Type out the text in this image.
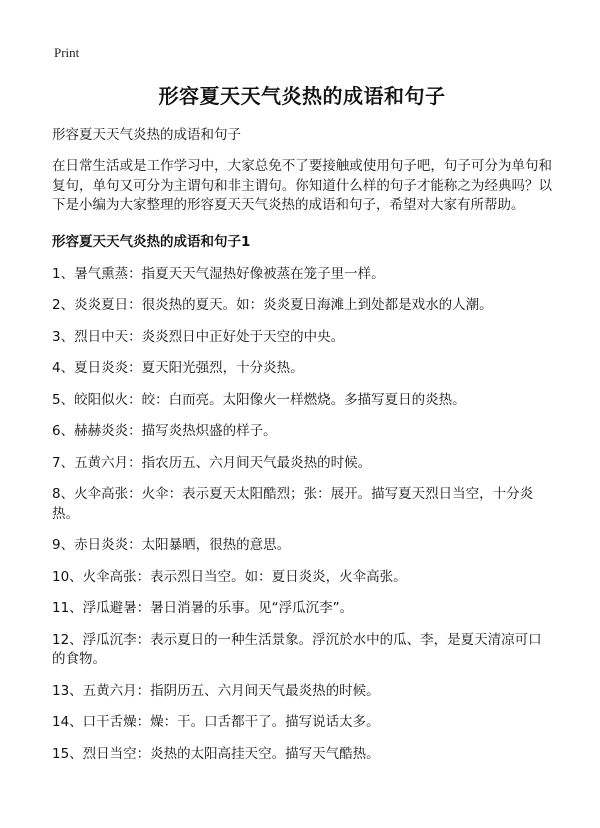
Print
形容夏天天气炎热的成语和句子

形容夏天天气炎热的成语和句子

在日常生活或是工作学习中，大家总免不了要接触或使用句子吧，句子可分为单句和复句，单句又可分为主谓句和非主谓句。你知道什么样的句子才能称之为经典吗？以下是小编为大家整理的形容夏天天气炎热的成语和句子，希望对大家有所帮助。

形容夏天天气炎热的成语和句子1
1、暑气熏蒸：指夏天天气湿热好像被蒸在笼子里一样。
2、炎炎夏日：很炎热的夏天。如：炎炎夏日海滩上到处都是戏水的人潮。
3、烈日中天：炎炎烈日中正好处于天空的中央。
4、夏日炎炎：夏天阳光强烈，十分炎热。
5、皎阳似火：皎：白而亮。太阳像火一样燃烧。多描写夏日的炎热。
6、赫赫炎炎：描写炎热炽盛的样子。
7、五黄六月：指农历五、六月间天气最炎热的时候。
8、火伞高张：火伞：表示夏天太阳酷烈；张：展开。描写夏天烈日当空，十分炎热。
9、赤日炎炎：太阳暴晒，很热的意思。
10、火伞高张：表示烈日当空。如：夏日炎炎，火伞高张。
11、浮瓜避暑：暑日消暑的乐事。见“浮瓜沉李”。
12、浮瓜沉李：表示夏日的一种生活景象。浮沉於水中的瓜、李，是夏天清凉可口的食物。
13、五黄六月：指阴历五、六月间天气最炎热的时候。
14、口干舌燥：燥：干。口舌都干了。描写说话太多。
15、烈日当空：炎热的太阳高挂天空。描写天气酷热。
